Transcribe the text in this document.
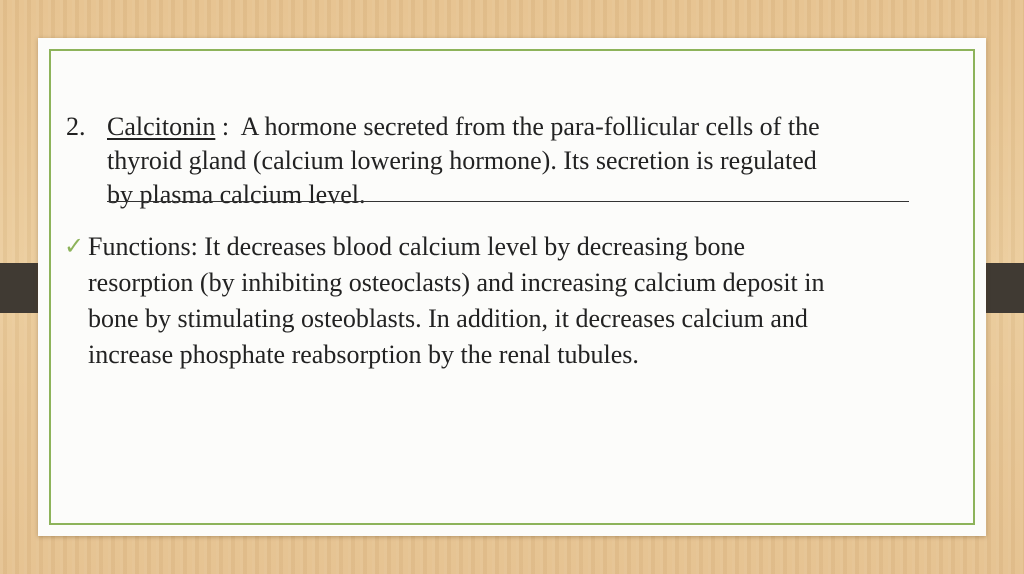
2. Calcitonin :  A hormone secreted from the para-follicular cells of the
thyroid gland (calcium lowering hormone). Its secretion is regulated
by plasma calcium level.
✓ Functions: It decreases blood calcium level by decreasing bone
resorption (by inhibiting osteoclasts) and increasing calcium deposit in
bone by stimulating osteoblasts. In addition, it decreases calcium and
increase phosphate reabsorption by the renal tubules.
